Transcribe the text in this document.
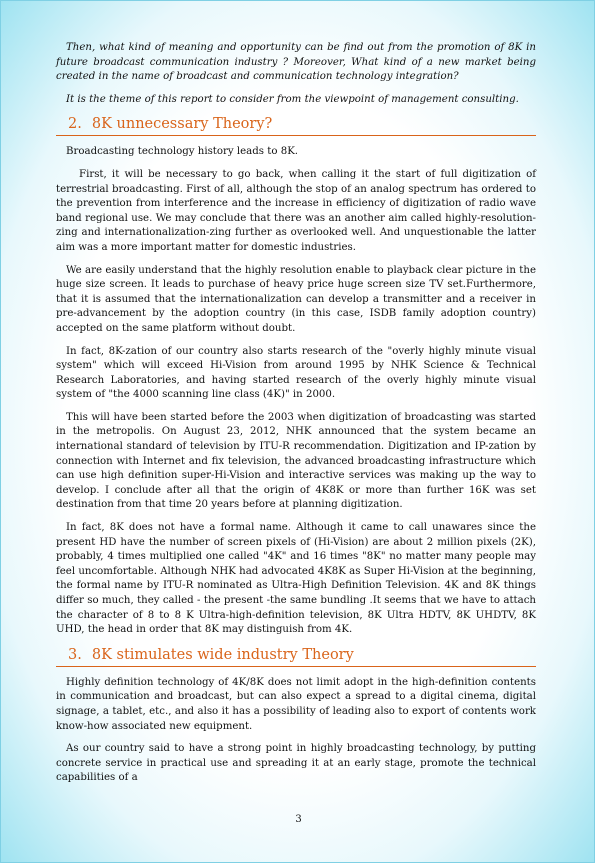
Then, what kind of meaning and opportunity can be find out from the promotion of 8K in future broadcast communication industry ? Moreover, What kind of a new market being created in the name of broadcast and communication technology integration?

It is the theme of this report to consider from the viewpoint of management consulting.

2. 8K unnecessary Theory?

Broadcasting technology history leads to 8K.

First, it will be necessary to go back, when calling it the start of full digitization of terrestrial broadcasting. First of all, although the stop of an analog spectrum has ordered to the prevention from interference and the increase in efficiency of digitization of radio wave band regional use. We may conclude that there was an another aim called highly-resolution-zing and internationalization-zing further as overlooked well. And unquestionable the latter aim was a more important matter for domestic industries.

We are easily understand that the highly resolution enable to playback clear picture in the huge size screen. It leads to purchase of heavy price huge screen size TV set.Furthermore, that it is assumed that the internationalization can develop a transmitter and a receiver in pre-advancement by the adoption country (in this case, ISDB family adoption country) accepted on the same platform without doubt.

In fact, 8K-zation of our country also starts research of the "overly highly minute visual system" which will exceed Hi-Vision from around 1995 by NHK Science & Technical Research Laboratories, and having started research of the overly highly minute visual system of "the 4000 scanning line class (4K)" in 2000.

This will have been started before the 2003 when digitization of broadcasting was started in the metropolis. On August 23, 2012, NHK announced that the system became an international standard of television by ITU-R recommendation. Digitization and IP-zation by connection with Internet and fix television, the advanced broadcasting infrastructure which can use high definition super-Hi-Vision and interactive services was making up the way to develop. I conclude after all that the origin of 4K8K or more than further 16K was set destination from that time 20 years before at planning digitization.

In fact, 8K does not have a formal name. Although it came to call unawares since the present HD have the number of screen pixels of (Hi-Vision) are about 2 million pixels (2K), probably, 4 times multiplied one called "4K" and 16 times "8K" no matter many people may feel uncomfortable. Although NHK had advocated 4K8K as Super Hi-Vision at the beginning, the formal name by ITU-R nominated as Ultra-High Definition Television. 4K and 8K things differ so much, they called - the present -the same bundling .It seems that we have to attach the character of 8 to 8 K Ultra-high-definition television, 8K Ultra HDTV, 8K UHDTV, 8K UHD, the head in order that 8K may distinguish from 4K.

3. 8K stimulates wide industry Theory

Highly definition technology of 4K/8K does not limit adopt in the high-definition contents in communication and broadcast, but can also expect a spread to a digital cinema, digital signage, a tablet, etc., and also it has a possibility of leading also to export of contents work know-how associated new equipment.

As our country said to have a strong point in highly broadcasting technology, by putting concrete service in practical use and spreading it at an early stage, promote the technical capabilities of a

3
